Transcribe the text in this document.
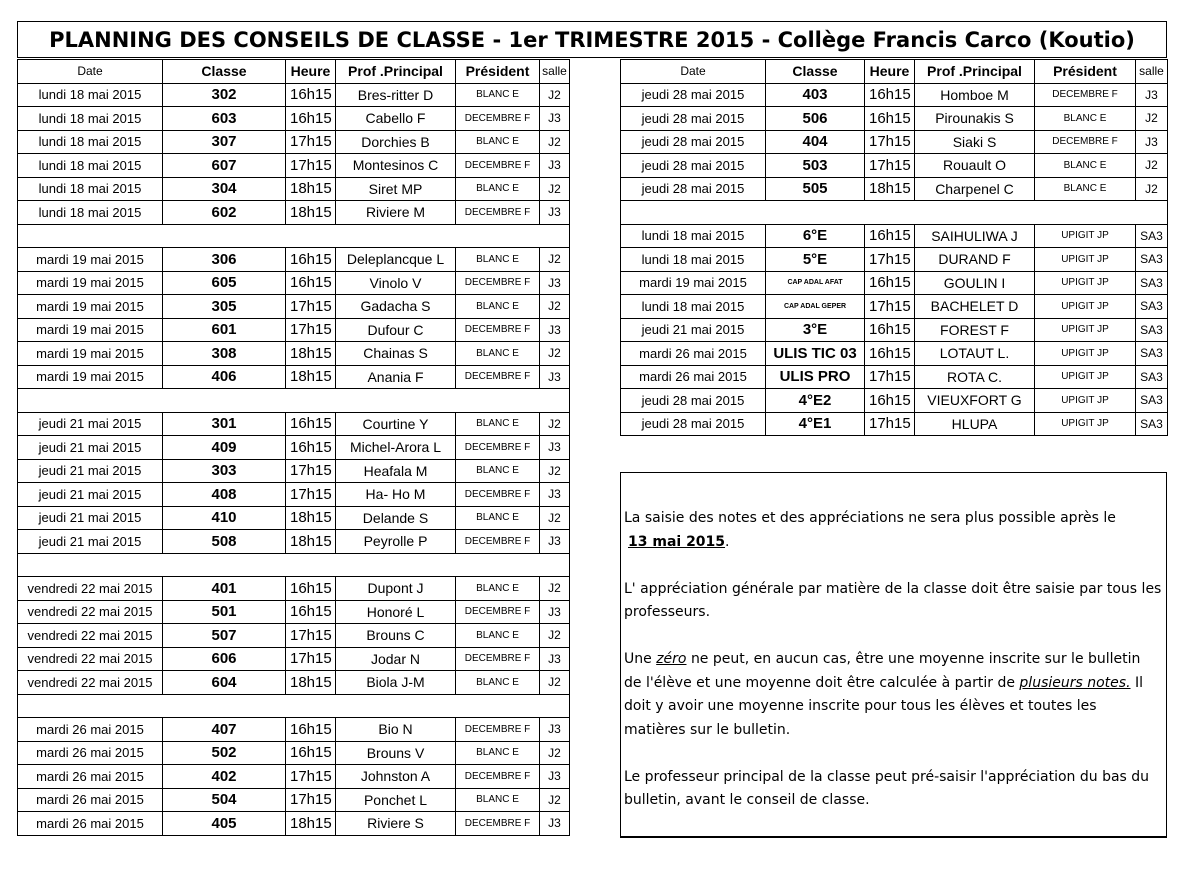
PLANNING DES CONSEILS DE CLASSE - 1er TRIMESTRE 2015 - Collège Francis Carco (Koutio)
Date	Classe	Heure	Prof .Principal	Président	salle
lundi 18 mai 2015	302	16h15	Bres-ritter D	BLANC E	J2
lundi 18 mai 2015	603	16h15	Cabello F	DECEMBRE F	J3
lundi 18 mai 2015	307	17h15	Dorchies B	BLANC E	J2
lundi 18 mai 2015	607	17h15	Montesinos C	DECEMBRE F	J3
lundi 18 mai 2015	304	18h15	Siret MP	BLANC E	J2
lundi 18 mai 2015	602	18h15	Riviere M	DECEMBRE F	J3

mardi 19 mai 2015	306	16h15	Deleplancque L	BLANC E	J2
mardi 19 mai 2015	605	16h15	Vinolo V	DECEMBRE F	J3
mardi 19 mai 2015	305	17h15	Gadacha S	BLANC E	J2
mardi 19 mai 2015	601	17h15	Dufour C	DECEMBRE F	J3
mardi 19 mai 2015	308	18h15	Chainas S	BLANC E	J2
mardi 19 mai 2015	406	18h15	Anania F	DECEMBRE F	J3

jeudi 21 mai 2015	301	16h15	Courtine Y	BLANC E	J2
jeudi 21 mai 2015	409	16h15	Michel-Arora L	DECEMBRE F	J3
jeudi 21 mai 2015	303	17h15	Heafala M	BLANC E	J2
jeudi 21 mai 2015	408	17h15	Ha- Ho M	DECEMBRE F	J3
jeudi 21 mai 2015	410	18h15	Delande S	BLANC E	J2
jeudi 21 mai 2015	508	18h15	Peyrolle P	DECEMBRE F	J3

vendredi 22 mai 2015	401	16h15	Dupont J	BLANC E	J2
vendredi 22 mai 2015	501	16h15	Honoré L	DECEMBRE F	J3
vendredi 22 mai 2015	507	17h15	Brouns C	BLANC E	J2
vendredi 22 mai 2015	606	17h15	Jodar N	DECEMBRE F	J3
vendredi 22 mai 2015	604	18h15	Biola J-M	BLANC E	J2

mardi 26 mai 2015	407	16h15	Bio N	DECEMBRE F	J3
mardi 26 mai 2015	502	16h15	Brouns V	BLANC E	J2
mardi 26 mai 2015	402	17h15	Johnston A	DECEMBRE F	J3
mardi 26 mai 2015	504	17h15	Ponchet L	BLANC E	J2
mardi 26 mai 2015	405	18h15	Riviere S	DECEMBRE F	J3
Date	Classe	Heure	Prof .Principal	Président	salle
jeudi 28 mai 2015	403	16h15	Homboe M	DECEMBRE F	J3
jeudi 28 mai 2015	506	16h15	Pirounakis S	BLANC E	J2
jeudi 28 mai 2015	404	17h15	Siaki S	DECEMBRE F	J3
jeudi 28 mai 2015	503	17h15	Rouault O	BLANC E	J2
jeudi 28 mai 2015	505	18h15	Charpenel C	BLANC E	J2

lundi 18 mai 2015	6°E	16h15	SAIHULIWA J	UPIGIT JP	SA3
lundi 18 mai 2015	5°E	17h15	DURAND F	UPIGIT JP	SA3
mardi 19 mai 2015	CAP ADAL AFAT	16h15	GOULIN I	UPIGIT JP	SA3
lundi 18 mai 2015	CAP ADAL GEPER	17h15	BACHELET D	UPIGIT JP	SA3
jeudi 21 mai 2015	3°E	16h15	FOREST F	UPIGIT JP	SA3
mardi 26 mai 2015	ULIS TIC 03	16h15	LOTAUT L.	UPIGIT JP	SA3
mardi 26 mai 2015	ULIS PRO	17h15	ROTA C.	UPIGIT JP	SA3
jeudi 28 mai 2015	4°E2	16h15	VIEUXFORT G	UPIGIT JP	SA3
jeudi 28 mai 2015	4°E1	17h15	HLUPA	UPIGIT JP	SA3

La saisie des notes et des appréciations ne sera plus possible après le
13 mai 2015.

L' appréciation générale par matière de la classe doit être saisie par tous les professeurs.

Une zéro ne peut, en aucun cas, être une moyenne inscrite sur le bulletin de l'élève et une moyenne doit être calculée à partir de plusieurs notes. Il doit y avoir une moyenne inscrite pour tous les élèves et toutes les matières sur le bulletin.

Le professeur principal de la classe peut pré-saisir l'appréciation du bas du bulletin, avant le conseil de classe.
